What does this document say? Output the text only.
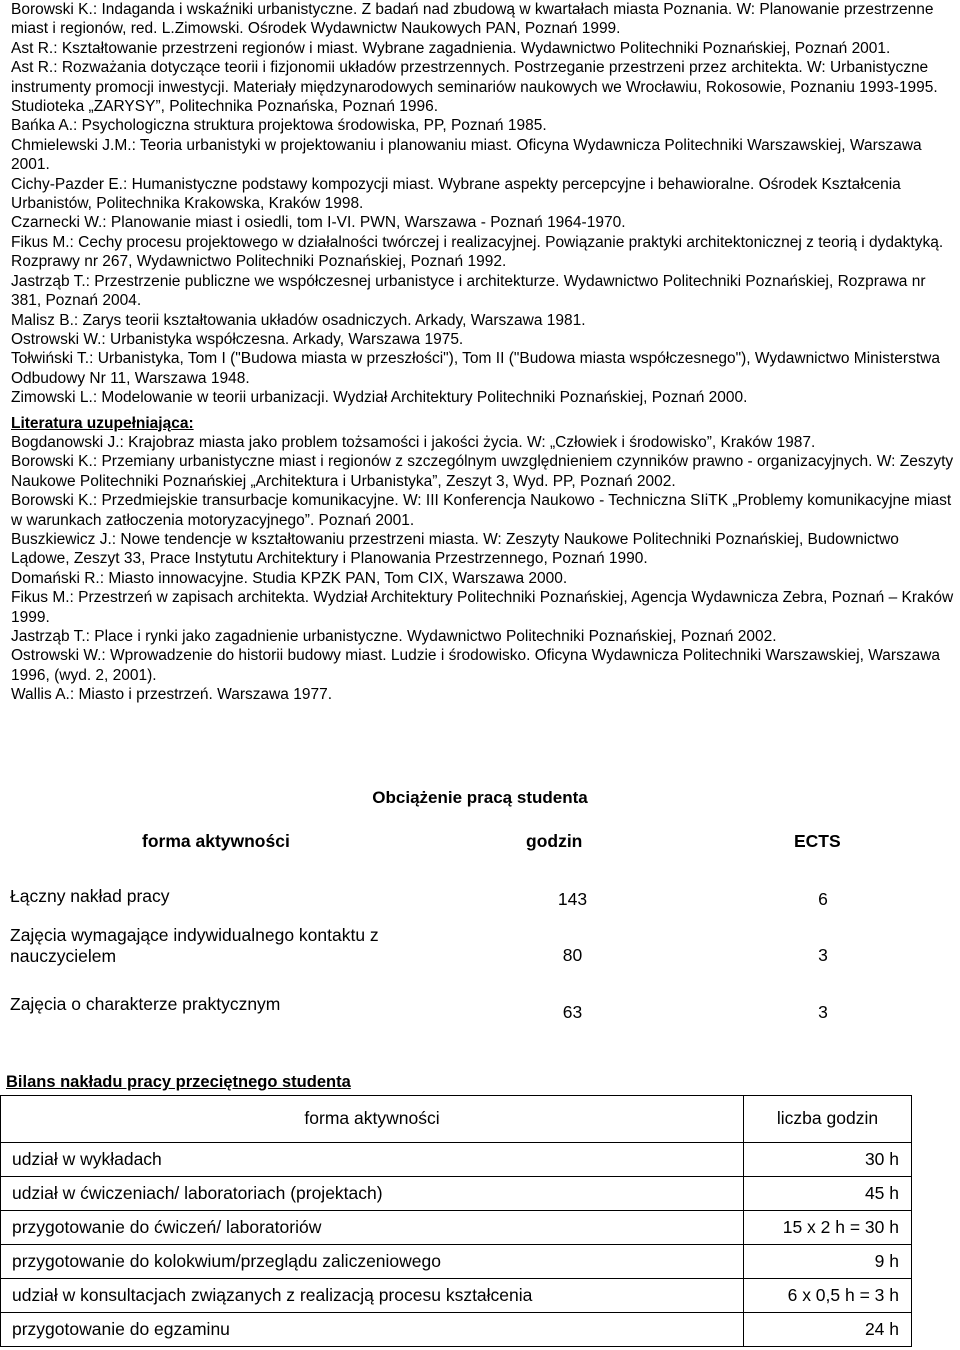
Borowski K.: Indaganda i wskaźniki urbanistyczne. Z badań nad zbudową w kwartałach miasta Poznania. W: Planowanie przestrzenne miast i regionów, red. L.Zimowski. Ośrodek Wydawnictw Naukowych PAN, Poznań 1999.

Ast R.: Kształtowanie przestrzeni regionów i miast. Wybrane zagadnienia. Wydawnictwo Politechniki Poznańskiej, Poznań 2001.

Ast R.: Rozważania dotyczące teorii i fizjonomii układów przestrzennych. Postrzeganie przestrzeni przez architekta. W: Urbanistyczne instrumenty promocji inwestycji. Materiały międzynarodowych seminariów naukowych we Wrocławiu, Rokosowie, Poznaniu 1993-1995. Studioteka „ZARYSY”, Politechnika Poznańska, Poznań 1996.

Bańka A.: Psychologiczna struktura projektowa środowiska, PP, Poznań 1985.

Chmielewski J.M.: Teoria urbanistyki w projektowaniu i planowaniu miast. Oficyna Wydawnicza Politechniki Warszawskiej, Warszawa 2001.

Cichy-Pazder E.: Humanistyczne podstawy kompozycji miast. Wybrane aspekty percepcyjne i behawioralne. Ośrodek Kształcenia Urbanistów, Politechnika Krakowska, Kraków 1998.

Czarnecki W.: Planowanie miast i osiedli, tom I-VI. PWN, Warszawa - Poznań 1964-1970.

Fikus M.: Cechy procesu projektowego w działalności twórczej i realizacyjnej. Powiązanie praktyki architektonicznej z teorią i dydaktyką. Rozprawy nr 267, Wydawnictwo Politechniki Poznańskiej, Poznań 1992.

Jastrząb T.: Przestrzenie publiczne we współczesnej urbanistyce i architekturze. Wydawnictwo Politechniki Poznańskiej, Rozprawa nr 381, Poznań 2004.

Malisz B.: Zarys teorii kształtowania układów osadniczych. Arkady, Warszawa 1981.

Ostrowski W.: Urbanistyka współczesna. Arkady, Warszawa 1975.

Tołwiński T.: Urbanistyka, Tom I ("Budowa miasta w przeszłości"), Tom II ("Budowa miasta współczesnego"), Wydawnictwo Ministerstwa Odbudowy Nr 11, Warszawa 1948.

Zimowski L.: Modelowanie w teorii urbanizacji. Wydział Architektury Politechniki Poznańskiej, Poznań 2000.

Literatura uzupełniająca:

Bogdanowski J.: Krajobraz miasta jako problem tożsamości i jakości życia. W: „Człowiek i środowisko”, Kraków 1987.

Borowski K.: Przemiany urbanistyczne miast i regionów z szczególnym uwzględnieniem czynników prawno - organizacyjnych. W: Zeszyty Naukowe Politechniki Poznańskiej „Architektura i Urbanistyka”, Zeszyt 3, Wyd. PP, Poznań 2002.

Borowski K.: Przedmiejskie transurbacje komunikacyjne. W: III Konferencja Naukowo - Techniczna SIiTK „Problemy komunikacyjne miast w warunkach zatłoczenia motoryzacyjnego”. Poznań 2001.

Buszkiewicz J.: Nowe tendencje w kształtowaniu przestrzeni miasta. W: Zeszyty Naukowe Politechniki Poznańskiej, Budownictwo Lądowe, Zeszyt 33, Prace Instytutu Architektury i Planowania Przestrzennego, Poznań 1990.

Domański R.: Miasto innowacyjne. Studia KPZK PAN, Tom CIX, Warszawa 2000.

Fikus M.: Przestrzeń w zapisach architekta. Wydział Architektury Politechniki Poznańskiej, Agencja Wydawnicza Zebra, Poznań – Kraków 1999.

Jastrząb T.: Place i rynki jako zagadnienie urbanistyczne. Wydawnictwo Politechniki Poznańskiej, Poznań 2002.

Ostrowski W.: Wprowadzenie do historii budowy miast. Ludzie i środowisko. Oficyna Wydawnicza Politechniki Warszawskiej, Warszawa 1996, (wyd. 2, 2001).

Wallis A.: Miasto i przestrzeń. Warszawa 1977.

Obciążenie pracą studenta
forma aktywności	godzin	ECTS
Łączny nakład pracy	143	6
Zajęcia wymagające indywidualnego kontaktu z nauczycielem	80	3
Zajęcia o charakterze praktycznym	63	3
Bilans nakładu pracy przeciętnego studenta
forma aktywności	liczba godzin
udział w wykładach	30 h
udział w ćwiczeniach/ laboratoriach (projektach)	45 h
przygotowanie do ćwiczeń/ laboratoriów	15 x 2 h = 30 h
przygotowanie do kolokwium/przeglądu zaliczeniowego	9 h
udział w konsultacjach związanych z realizacją procesu kształcenia	6 x 0,5 h = 3 h
przygotowanie do egzaminu	24 h
